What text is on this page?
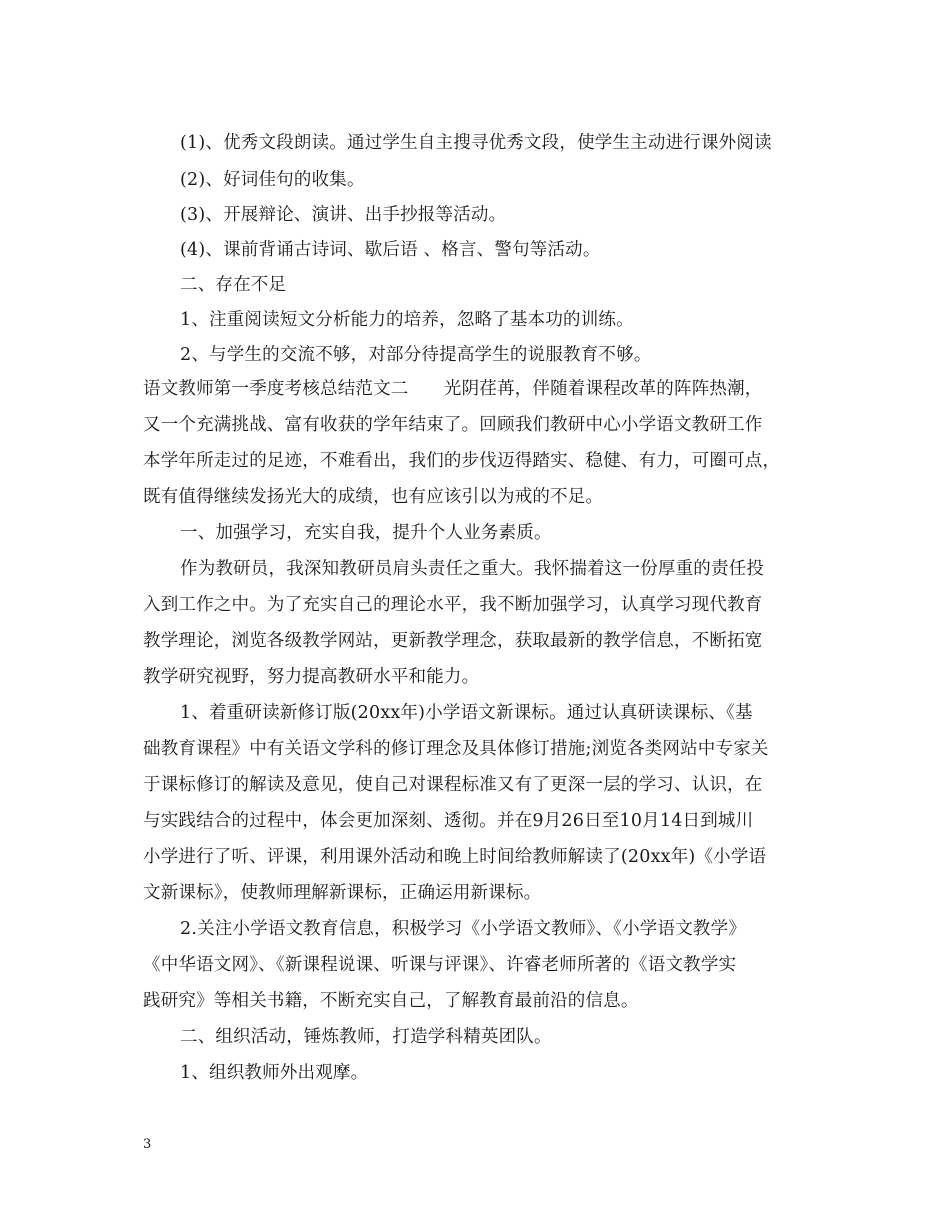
(1)、优秀文段朗读。通过学生自主搜寻优秀文段，使学生主动进行课外阅读
(2)、好词佳句的收集。
(3)、开展辩论、演讲、出手抄报等活动。
(4)、课前背诵古诗词、歇后语 、格言、警句等活动。
二、存在不足
1、注重阅读短文分析能力的培养，忽略了基本功的训练。
2、与学生的交流不够，对部分待提高学生的说服教育不够。
语文教师第一季度考核总结范文二　　光阴荏苒，伴随着课程改革的阵阵热潮，
又一个充满挑战、富有收获的学年结束了。回顾我们教研中心小学语文教研工作
本学年所走过的足迹，不难看出，我们的步伐迈得踏实、稳健、有力，可圈可点，
既有值得继续发扬光大的成绩，也有应该引以为戒的不足。
一、加强学习，充实自我，提升个人业务素质。
作为教研员，我深知教研员肩头责任之重大。我怀揣着这一份厚重的责任投
入到工作之中。为了充实自己的理论水平，我不断加强学习，认真学习现代教育
教学理论，浏览各级教学网站，更新教学理念，获取最新的教学信息，不断拓宽
教学研究视野，努力提高教研水平和能力。
1、着重研读新修订版(20xx年)小学语文新课标。通过认真研读课标、《基
础教育课程》中有关语文学科的修订理念及具体修订措施;浏览各类网站中专家关
于课标修订的解读及意见，使自己对课程标准又有了更深一层的学习、认识，在
与实践结合的过程中，体会更加深刻、透彻。并在9月26日至10月14日到城川
小学进行了听、评课，利用课外活动和晚上时间给教师解读了(20xx年)《小学语
文新课标》，使教师理解新课标，正确运用新课标。
2.关注小学语文教育信息，积极学习《小学语文教师》、《小学语文教学》
《中华语文网》、《新课程说课、听课与评课》、许睿老师所著的《语文教学实
践研究》等相关书籍，不断充实自己，了解教育最前沿的信息。
二、组织活动，锤炼教师，打造学科精英团队。
1、组织教师外出观摩。
3
